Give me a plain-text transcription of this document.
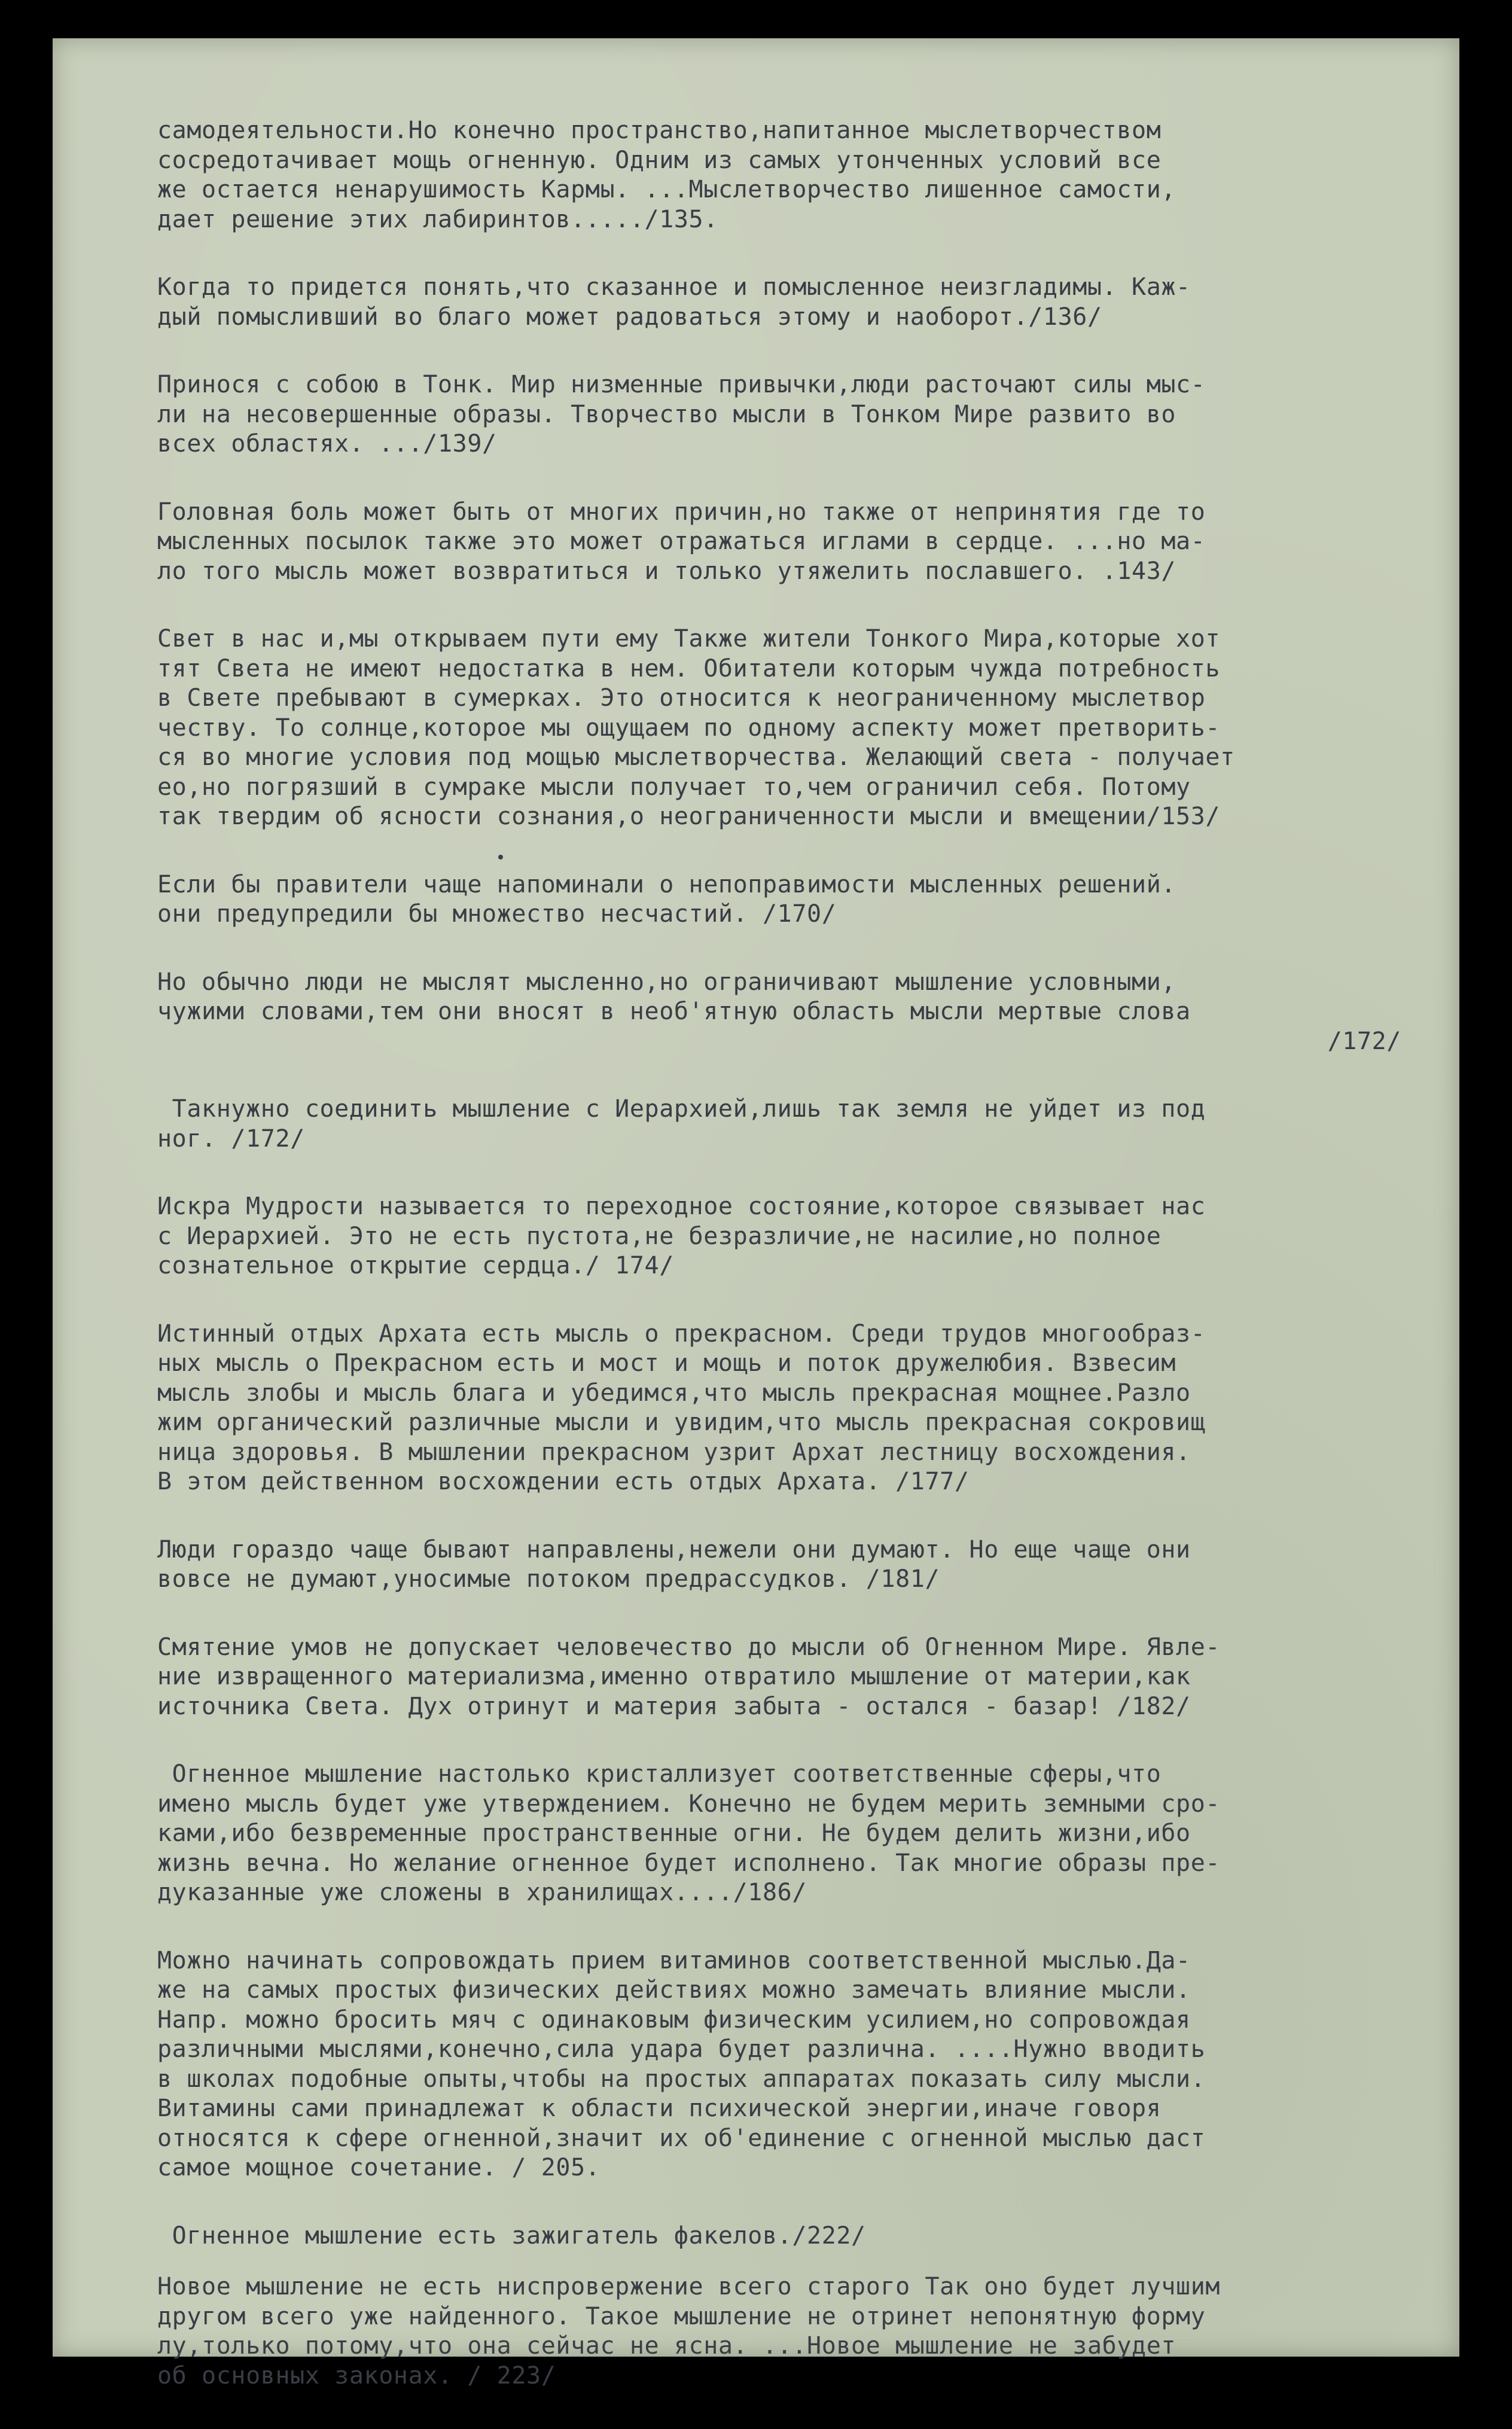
самодеятельности.Но конечно пространство,напитанное мыслетворчеством
сосредотачивает мощь огненную. Одним из самых утонченных условий все
же остается ненарушимость Кармы. ...Мыслетворчество лишенное самости,
дает решение этих лабиринтов...../135.
Когда то придется понять,что сказанное и помысленное неизгладимы. Каж-
дый помысливший во благо может радоваться этому и наоборот./136/
Принося с собою в Тонк. Мир низменные привычки,люди расточают силы мыс-
ли на несовершенные образы. Творчество мысли в Тонком Мире развито во
всех областях. .../139/
Головная боль может быть от многих причин,но также от непринятия где то
мысленных посылок также это может отражаться иглами в сердце. ...но ма-
ло того мысль может возвратиться и только утяжелить пославшего. .143/
Свет в нас и,мы открываем пути ему Также жители Тонкого Мира,которые хот
тят Света не имеют недостатка в нем. Обитатели которым чужда потребность
в Свете пребывают в сумерках. Это относится к неограниченному мыслетвор
честву. То солнце,которое мы ощущаем по одному аспекту может претворить-
ся во многие условия под мощью мыслетворчества. Желающий света - получает
ео,но погрязший в сумраке мысли получает то,чем ограничил себя. Потому
так твердим об ясности сознания,о неограниченности мысли и вмещении/153/
Если бы правители чаще напоминали о непоправимости мысленных решений.
они предупредили бы множество несчастий. /170/
Но обычно люди не мыслят мысленно,но ограничивают мышление условными,
чужими словами,тем они вносят в необ'ятную область мысли мертвые слова
/172/
Такнужно соединить мышление с Иерархией,лишь так земля не уйдет из под
ног. /172/
Искра Мудрости называется то переходное состояние,которое связывает нас
с Иерархией. Это не есть пустота,не безразличие,не насилие,но полное
сознательное открытие сердца./ 174/
Истинный отдых Архата есть мысль о прекрасном. Среди трудов многообраз-
ных мысль о Прекрасном есть и мост и мощь и поток дружелюбия. Взвесим
мысль злобы и мысль блага и убедимся,что мысль прекрасная мощнее.Разло
жим органический различные мысли и увидим,что мысль прекрасная сокровищ
ница здоровья. В мышлении прекрасном узрит Архат лестницу восхождения.
В этом действенном восхождении есть отдых Архата. /177/
Люди гораздо чаще бывают направлены,нежели они думают. Но еще чаще они
вовсе не думают,уносимые потоком предрассудков. /181/
Смятение умов не допускает человечество до мысли об Огненном Мире. Явле-
ние извращенного материализма,именно отвратило мышление от материи,как
источника Света. Дух отринут и материя забыта - остался - базар! /182/
Огненное мышление настолько кристаллизует соответственные сферы,что
имено мысль будет уже утверждением. Конечно не будем мерить земными сро-
ками,ибо безвременные пространственные огни. Не будем делить жизни,ибо
жизнь вечна. Но желание огненное будет исполнено. Так многие образы пре-
дуказанные уже сложены в хранилищах..../186/
Можно начинать сопровождать прием витаминов соответственной мыслью.Да-
же на самых простых физических действиях можно замечать влияние мысли.
Напр. можно бросить мяч с одинаковым физическим усилием,но сопровождая
различными мыслями,конечно,сила удара будет различна. ....Нужно вводить
в школах подобные опыты,чтобы на простых аппаратах показать силу мысли.
Витамины сами принадлежат к области психической энергии,иначе говоря
относятся к сфере огненной,значит их об'единение с огненной мыслью даст
самое мощное сочетание. / 205.
Огненное мышление есть зажигатель факелов./222/
Новое мышление не есть ниспровержение всего старого Так оно будет лучшим
другом всего уже найденного. Такое мышление не отринет непонятную форму
лу,только потому,что она сейчас не ясна. ...Новое мышление не забудет
об основных законах. / 223/
